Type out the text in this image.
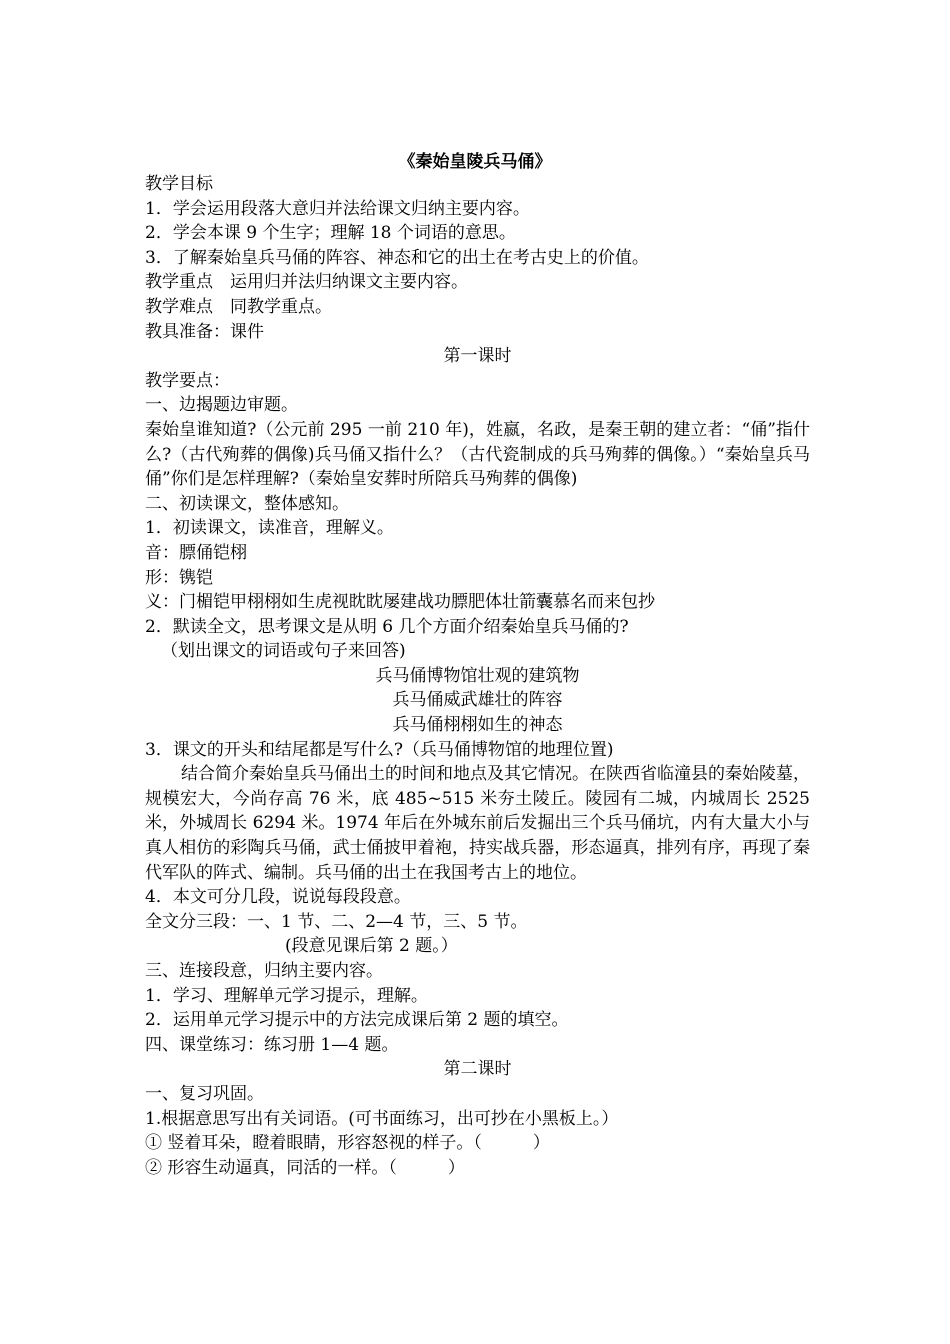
《秦始皇陵兵马俑》
教学目标
1．学会运用段落大意归并法给课文归纳主要内容。
2．学会本课 9 个生字；理解 18 个词语的意思。
3．了解秦始皇兵马俑的阵容、神态和它的出土在考古史上的价值。
教学重点　运用归并法归纳课文主要内容。
教学难点　同教学重点。
教具准备：课件
第一课时
教学要点：
一、边揭题边审题。
秦始皇谁知道?（公元前 295 一前 210 年)，姓嬴，名政，是秦王朝的建立者：“俑”指什么?（古代殉葬的偶像)兵马俑又指什么？（古代瓷制成的兵马殉葬的偶像。）“秦始皇兵马俑”你们是怎样理解?（秦始皇安葬时所陪兵马殉葬的偶像)
二、初读课文，整体感知。
1．初读课文，读准音，理解义。
音：膘俑铠栩
形：镌铠
义：门楣铠甲栩栩如生虎视眈眈屡建战功膘肥体壮箭囊慕名而来包抄
2．默读全文，思考课文是从明 6 几个方面介绍秦始皇兵马俑的?
（划出课文的词语或句子来回答)
兵马俑博物馆壮观的建筑物
兵马俑威武雄壮的阵容
兵马俑栩栩如生的神态
3．课文的开头和结尾都是写什么?（兵马俑博物馆的地理位置)
结合简介秦始皇兵马俑出土的时间和地点及其它情况。在陕西省临潼县的秦始陵墓，规模宏大，今尚存高 76 米，底 485~515 米夯土陵丘。陵园有二城，内城周长 2525 米，外城周长 6294 米。1974 年后在外城东前后发掘出三个兵马俑坑，内有大量大小与真人相仿的彩陶兵马俑，武士俑披甲着袍，持实战兵器，形态逼真，排列有序，再现了秦代军队的阵式、编制。兵马俑的出土在我国考古上的地位。
4．本文可分几段，说说每段段意。
全文分三段：一、1 节、二、2—4 节，三、5 节。
(段意见课后第 2 题。）
三、连接段意，归纳主要内容。
1．学习、理解单元学习提示，理解。
2．运用单元学习提示中的方法完成课后第 2 题的填空。
四、课堂练习：练习册 1—4 题。
第二课时
一、复习巩固。
1.根据意思写出有关词语。(可书面练习，出可抄在小黑板上。）
① 竖着耳朵，瞪着眼睛，形容怒视的样子。（　　　）
② 形容生动逼真，同活的一样。（　　　）
